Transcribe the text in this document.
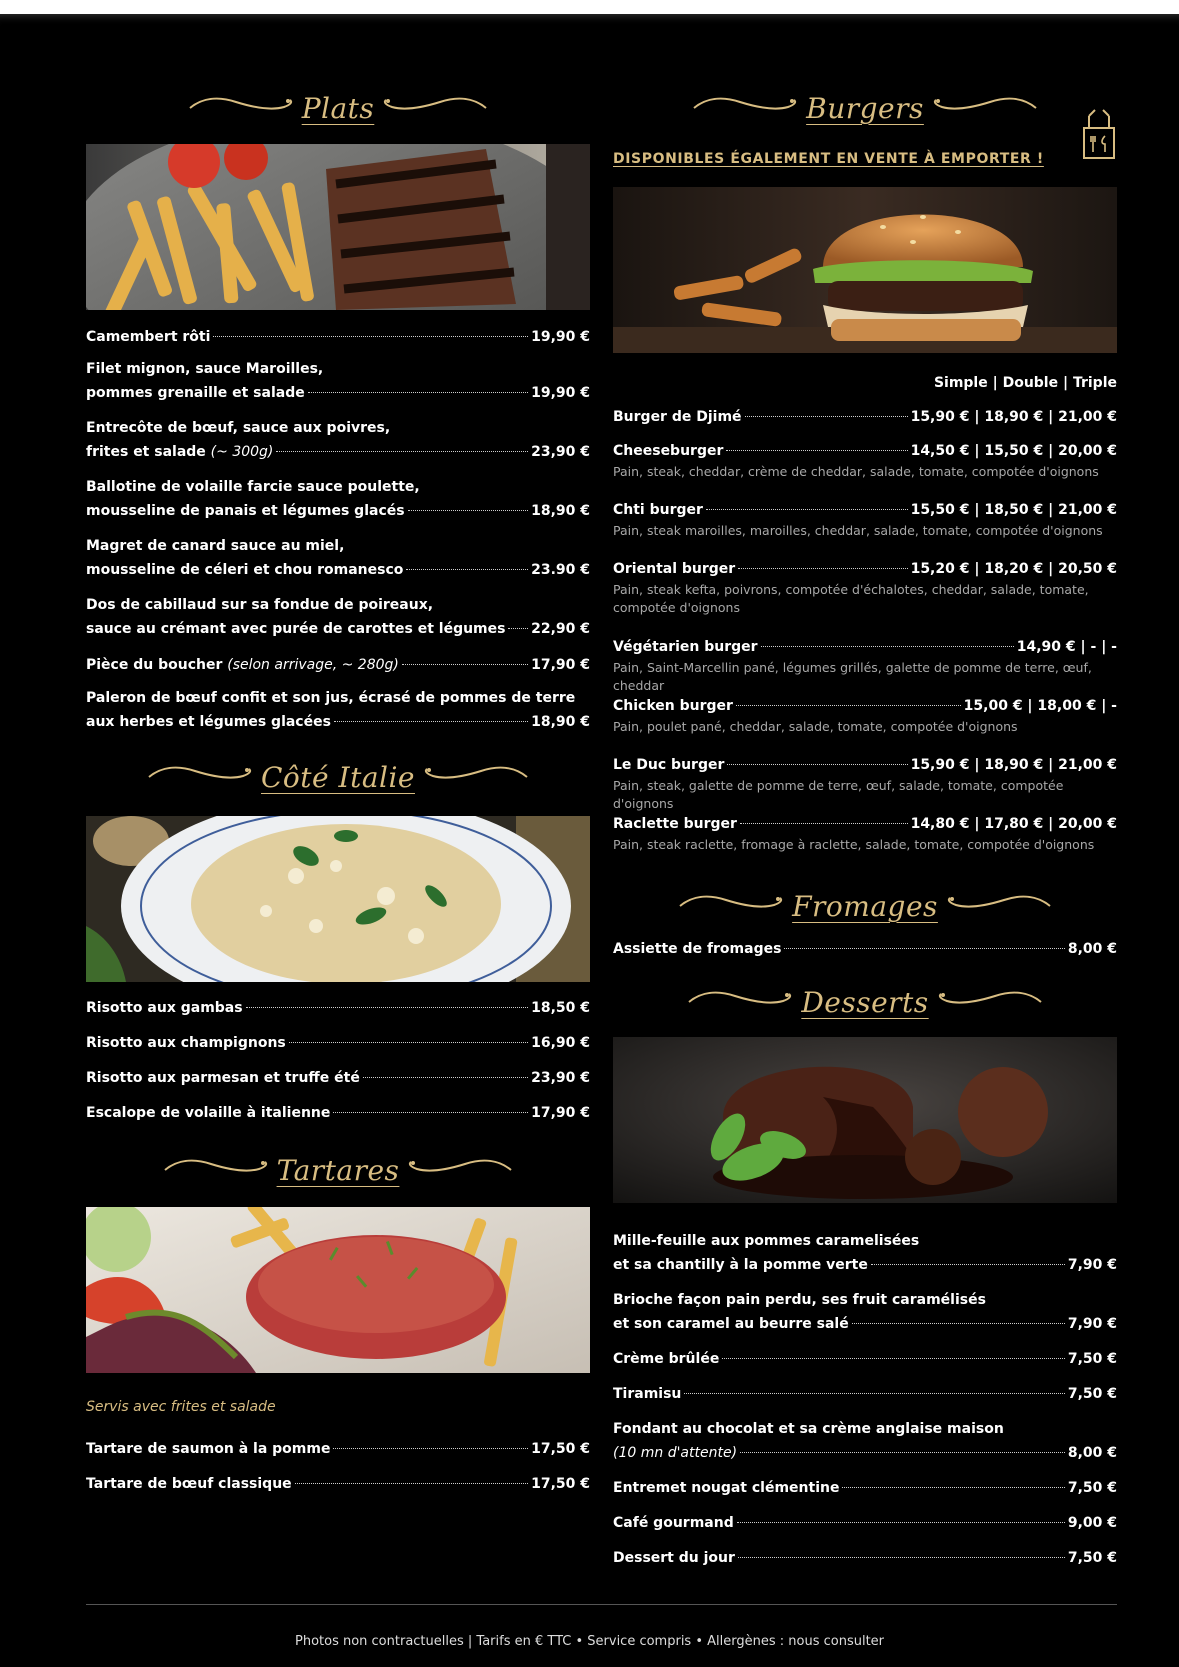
Plats
Camembert rôti	19,90 €
Filet mignon, sauce Maroilles,
pommes grenaille et salade	19,90 €
Entrecôte de bœuf, sauce aux poivres,
frites et salade
(~ 300g)	23,90 €
Ballotine de volaille farcie sauce poulette,
mousseline de panais et légumes glacés	18,90 €
Magret de canard sauce au miel,
mousseline de céleri et chou romanesco	23.90 €
Dos de cabillaud sur sa fondue de poireaux,
sauce au crémant avec purée de carottes et légumes 22,90 €
Pièce du boucher
(selon arrivage, ~ 280g)	17,90 €
Paleron de bœuf confit et son jus, écrasé de pommes de terre
aux herbes et légumes glacées	18,90 €
Côté Italie
Risotto aux gambas	18,50 €
Risotto aux champignons	16,90 €
Risotto aux parmesan et truffe été	23,90 €
Escalope de volaille à italienne	17,90 €
Tartares
Servis avec frites et salade
Tartare de saumon à la pomme	17,50 €
Tartare de bœuf classique	17,50 €
Burgers
DISPONIBLES ÉGALEMENT EN VENTE À EMPORTER !
Simple | Double | Triple
Burger de Djimé	15,90 € | 18,90 € | 21,00 €
Cheeseburger	14,50 € | 15,50 € | 20,00 €
Pain, steak, cheddar, crème de cheddar, salade, tomate, compotée d'oignons
Chti burger	15,50 € | 18,50 € | 21,00 €
Pain, steak maroilles, maroilles, cheddar, salade, tomate, compotée d'oignons
Oriental burger	15,20 € | 18,20 € | 20,50 €
Pain, steak kefta, poivrons, compotée d'échalotes, cheddar, salade, tomate, compotée d'oignons
Végétarien burger	14,90 € | - | -
Pain, Saint-Marcellin pané, légumes grillés, galette de pomme de terre, œuf, cheddar
Chicken burger	15,00 € | 18,00 € | -
Pain, poulet pané, cheddar, salade, tomate, compotée d'oignons
Le Duc burger	15,90 € | 18,90 € | 21,00 €
Pain, steak, galette de pomme de terre, œuf, salade, tomate, compotée d'oignons
Raclette burger	14,80 € | 17,80 € | 20,00 €
Pain, steak raclette, fromage à raclette, salade, tomate, compotée d'oignons
Fromages
Assiette de fromages	8,00 €
Desserts
Mille-feuille aux pommes caramelisées
et sa chantilly à la pomme verte	7,90 €
Brioche façon pain perdu, ses fruit caramélisés
et son caramel au beurre salé	7,90 €
Crème brûlée	7,50 €
Tiramisu	7,50 €
Fondant au chocolat et sa crème anglaise maison
(10 mn d'attente)	8,00 €
Entremet nougat clémentine	7,50 €
Café gourmand	9,00 €
Dessert du jour	7,50 €
Photos non contractuelles | Tarifs en € TTC • Service compris • Allergènes : nous consulter
